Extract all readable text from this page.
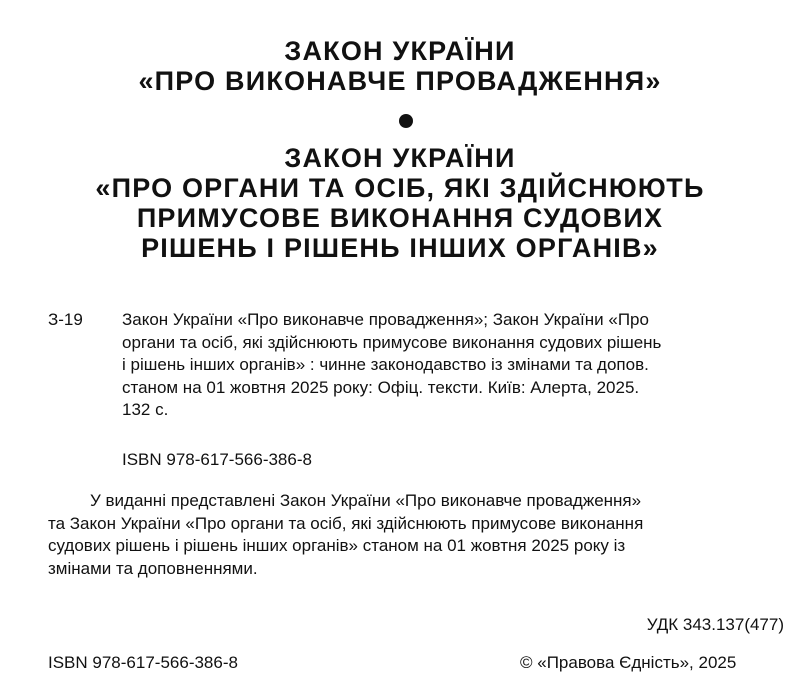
ЗАКОН УКРАЇНИ
«ПРО ВИКОНАВЧЕ ПРОВАДЖЕННЯ»
ЗАКОН УКРАЇНИ
«ПРО ОРГАНИ ТА ОСІБ, ЯКІ ЗДІЙСНЮЮТЬ
ПРИМУСОВЕ ВИКОНАННЯ СУДОВИХ
РІШЕНЬ І РІШЕНЬ ІНШИХ ОРГАНІВ»
З-19 Закон України «Про виконавче провадження»; Закон України «Про
органи та осіб, які здійснюють примусове виконання судових рішень
і рішень інших органів» : чинне законодавство із змінами та допов.
станом на 01 жовтня 2025 року: Офіц. тексти. Київ: Алерта, 2025.
132 с.
ISBN 978-617-566-386-8
У виданні представлені Закон України «Про виконавче провадження»
та Закон України «Про органи та осіб, які здійснюють примусове виконання
судових рішень і рішень інших органів» станом на 01 жовтня 2025 року із
змінами та доповненнями.
УДК 343.137(477)
ISBN 978-617-566-386-8	© «Правова Єдність», 2025
